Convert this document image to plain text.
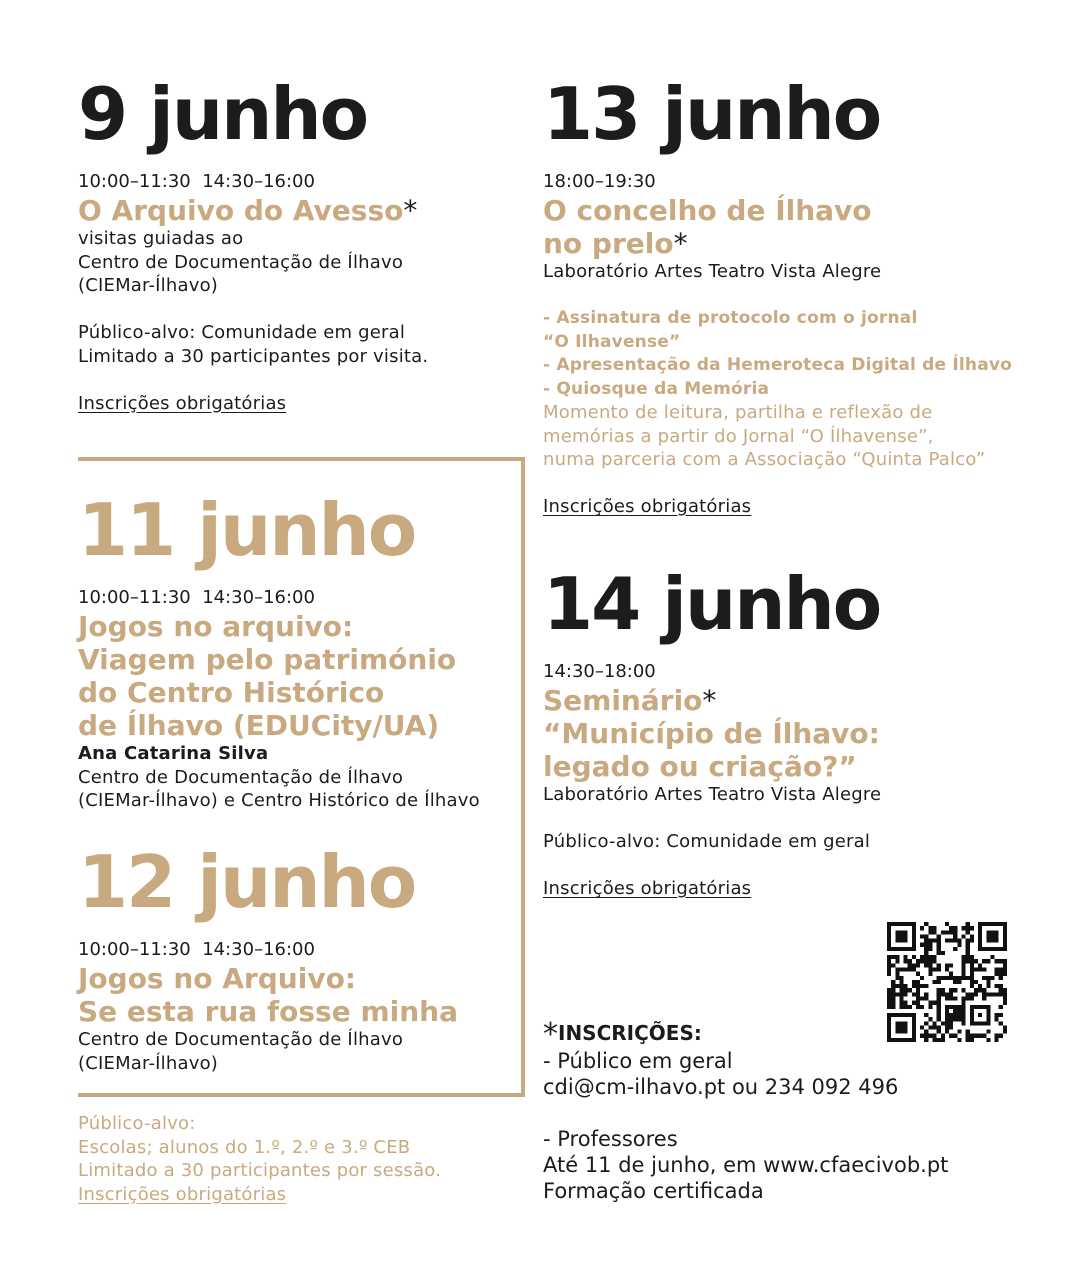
9 junho

10:00–11:30  14:30–16:00

O Arquivo do Avesso*

visitas guiadas ao
Centro de Documentação de Ílhavo
(CIEMar-Ílhavo)

Público-alvo: Comunidade em geral
Limitado a 30 participantes por visita.

Inscrições obrigatórias

11 junho

10:00–11:30  14:30–16:00

Jogos no arquivo:
Viagem pelo património
do Centro Histórico
de Ílhavo (EDUCity/UA)

Ana Catarina Silva

Centro de Documentação de Ílhavo
(CIEMar-Ílhavo) e Centro Histórico de Ílhavo

12 junho

10:00–11:30  14:30–16:00

Jogos no Arquivo:
Se esta rua fosse minha

Centro de Documentação de Ílhavo
(CIEMar-Ílhavo)

Público-alvo:
Escolas; alunos do 1.º, 2.º e 3.º CEB
Limitado a 30 participantes por sessão.
Inscrições obrigatórias

13 junho

18:00–19:30

O concelho de Ílhavo
no prelo*

Laboratório Artes Teatro Vista Alegre

- Assinatura de protocolo com o jornal
“O Ilhavense”
- Apresentação da Hemeroteca Digital de Ílhavo
- Quiosque da Memória

Momento de leitura, partilha e reflexão de
memórias a partir do Jornal “O Ílhavense”,
numa parceria com a Associação “Quinta Palco”

Inscrições obrigatórias

14 junho

14:30–18:00

Seminário*
“Município de Ílhavo:
legado ou criação?”

Laboratório Artes Teatro Vista Alegre

Público-alvo: Comunidade em geral

Inscrições obrigatórias

*INSCRIÇÕES:

- Público em geral
cdi@cm-ilhavo.pt ou 234 092 496

- Professores
Até 11 de junho, em www.cfaecivob.pt
Formação certificada
